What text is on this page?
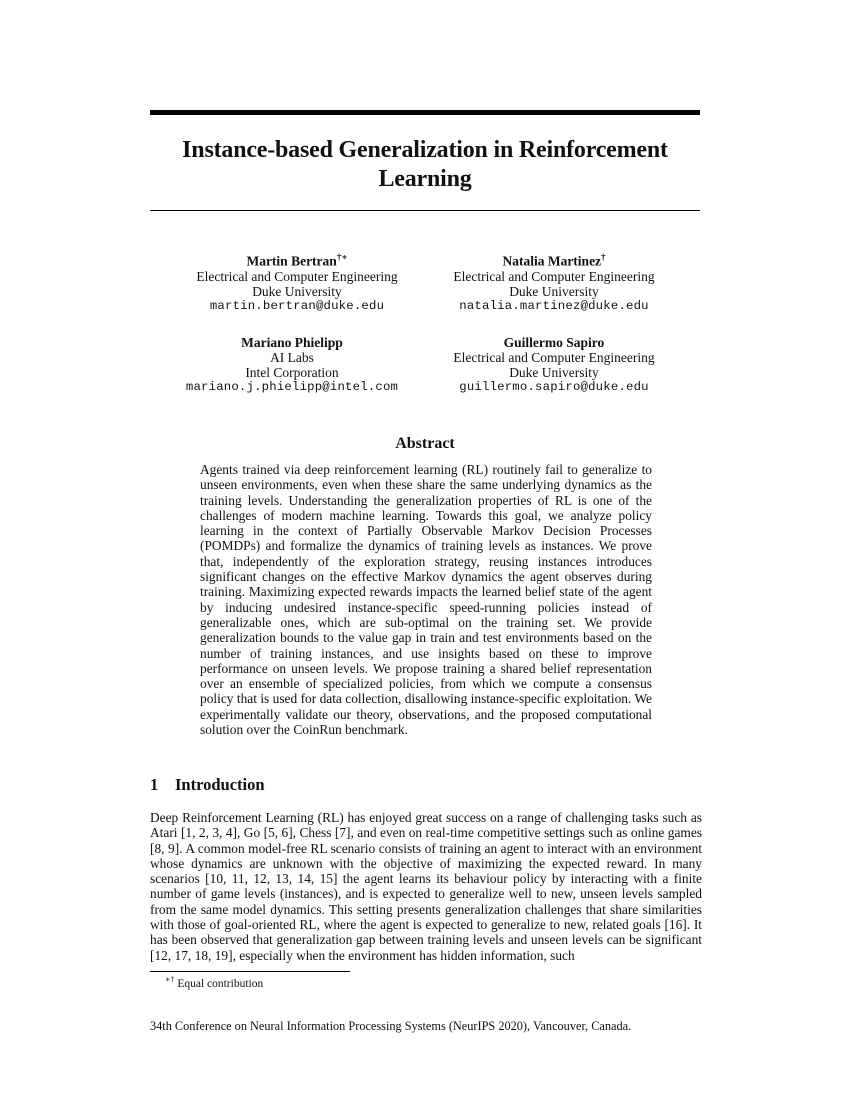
Instance-based Generalization in Reinforcement Learning
Martin Bertran†∗
Electrical and Computer Engineering
Duke University
martin.bertran@duke.edu
Natalia Martinez†
Electrical and Computer Engineering
Duke University
natalia.martinez@duke.edu
Mariano Phielipp
AI Labs
Intel Corporation
mariano.j.phielipp@intel.com
Guillermo Sapiro
Electrical and Computer Engineering
Duke University
guillermo.sapiro@duke.edu
Abstract
Agents trained via deep reinforcement learning (RL) routinely fail to generalize to unseen environments, even when these share the same underlying dynamics as the training levels. Understanding the generalization properties of RL is one of the challenges of modern machine learning. Towards this goal, we analyze policy learning in the context of Partially Observable Markov Decision Processes (POMDPs) and formalize the dynamics of training levels as instances. We prove that, independently of the exploration strategy, reusing instances introduces significant changes on the effective Markov dynamics the agent observes during training. Maximizing expected rewards impacts the learned belief state of the agent by inducing undesired instance-specific speed-running policies instead of generalizable ones, which are sub-optimal on the training set. We provide generalization bounds to the value gap in train and test environments based on the number of training instances, and use insights based on these to improve performance on unseen levels. We propose training a shared belief representation over an ensemble of specialized policies, from which we compute a consensus policy that is used for data collection, disallowing instance-specific exploitation. We experimentally validate our theory, observations, and the proposed computational solution over the CoinRun benchmark.
1 Introduction
Deep Reinforcement Learning (RL) has enjoyed great success on a range of challenging tasks such as Atari [1, 2, 3, 4], Go [5, 6], Chess [7], and even on real-time competitive settings such as online games [8, 9]. A common model-free RL scenario consists of training an agent to interact with an environment whose dynamics are unknown with the objective of maximizing the expected reward. In many scenarios [10, 11, 12, 13, 14, 15] the agent learns its behaviour policy by interacting with a finite number of game levels (instances), and is expected to generalize well to new, unseen levels sampled from the same model dynamics. This setting presents generalization challenges that share similarities with those of goal-oriented RL, where the agent is expected to generalize to new, related goals [16]. It has been observed that generalization gap between training levels and unseen levels can be significant [12, 17, 18, 19], especially when the environment has hidden information, such
∗† Equal contribution
34th Conference on Neural Information Processing Systems (NeurIPS 2020), Vancouver, Canada.
